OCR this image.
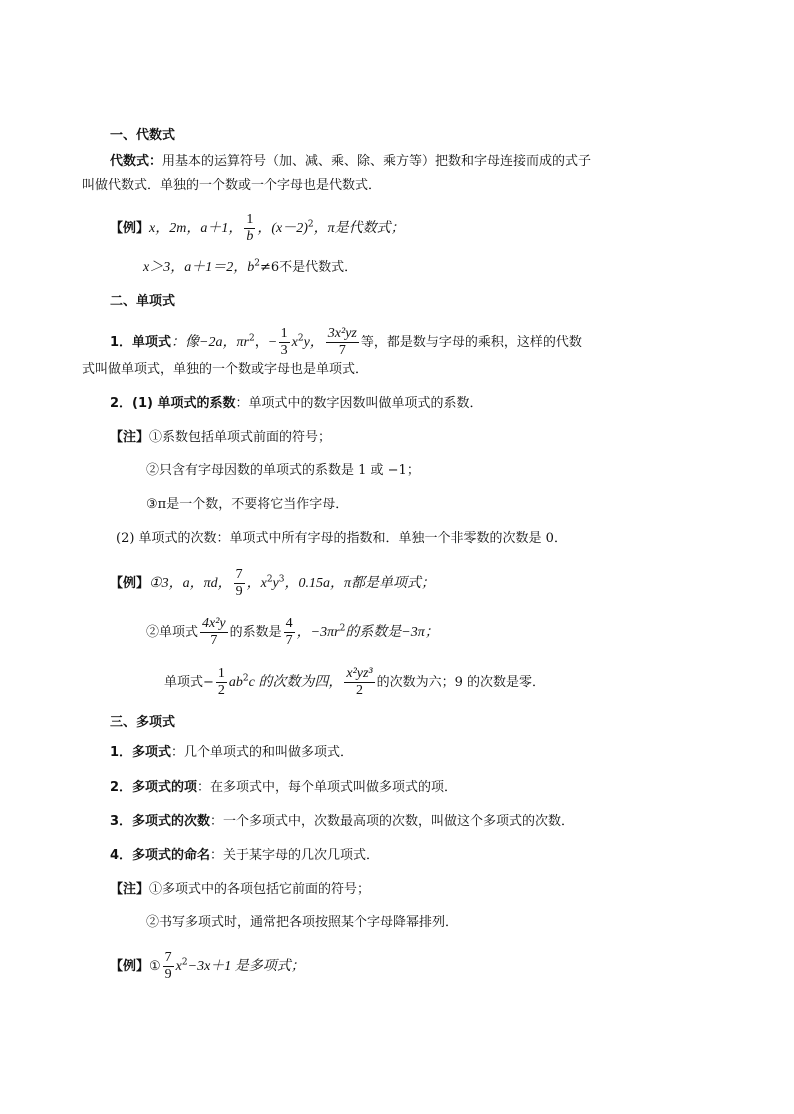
一、代数式
代数式：用基本的运算符号（加、减、乘、除、乘方等）把数和字母连接而成的式子
叫做代数式．单独的一个数或一个字母也是代数式．
【例】x，2m，a＋1， $\frac{1}{b}$ ，$(x-2)^2$，π是代数式；
x＞3，a＋1＝2，$b^2\ne 6$不是代数式．
二、单项式
1．单项式：像−2a，$\pi r^2$，− $\frac{1}{3} x^2y$， $\frac{\text{3x²yz}}{7}$ 等，都是数与字母的乘积，这样的代数
式叫做单项式，单独的一个数或字母也是单项式．
2．(1) 单项式的系数：单项式中的数字因数叫做单项式的系数．
【注】①系数包括单项式前面的符号；
②只含有字母因数的单项式的系数是 1 或 −1；
③π是一个数，不要将它当作字母．
(2) 单项式的次数：单项式中所有字母的指数和．单独一个非零数的次数是 0．
【例】①3，a，πd， $\frac{7}{9}$ ，$x^2y^3$，0.15a，π都是单项式；
②单项式 $\frac{\text{4x²y}}{7}$ 的系数是 $\frac{4}{7}$ ，$-3\pi r^2$的系数是−3π；
单项式− $\frac{1}{2} ab^2c$ 的次数为四， $\frac{\text{x²yz³}}{2}$ 的次数为六；9 的次数是零．
三、多项式
1．多项式：几个单项式的和叫做多项式．
2．多项式的项：在多项式中，每个单项式叫做多项式的项．
3．多项式的次数：一个多项式中，次数最高项的次数，叫做这个多项式的次数．
4．多项式的命名：关于某字母的几次几项式．
【注】①多项式中的各项包括它前面的符号；
②书写多项式时，通常把各项按照某个字母降幂排列．
【例】① $\frac{7}{9} x^2-3x+1$ 是多项式；
